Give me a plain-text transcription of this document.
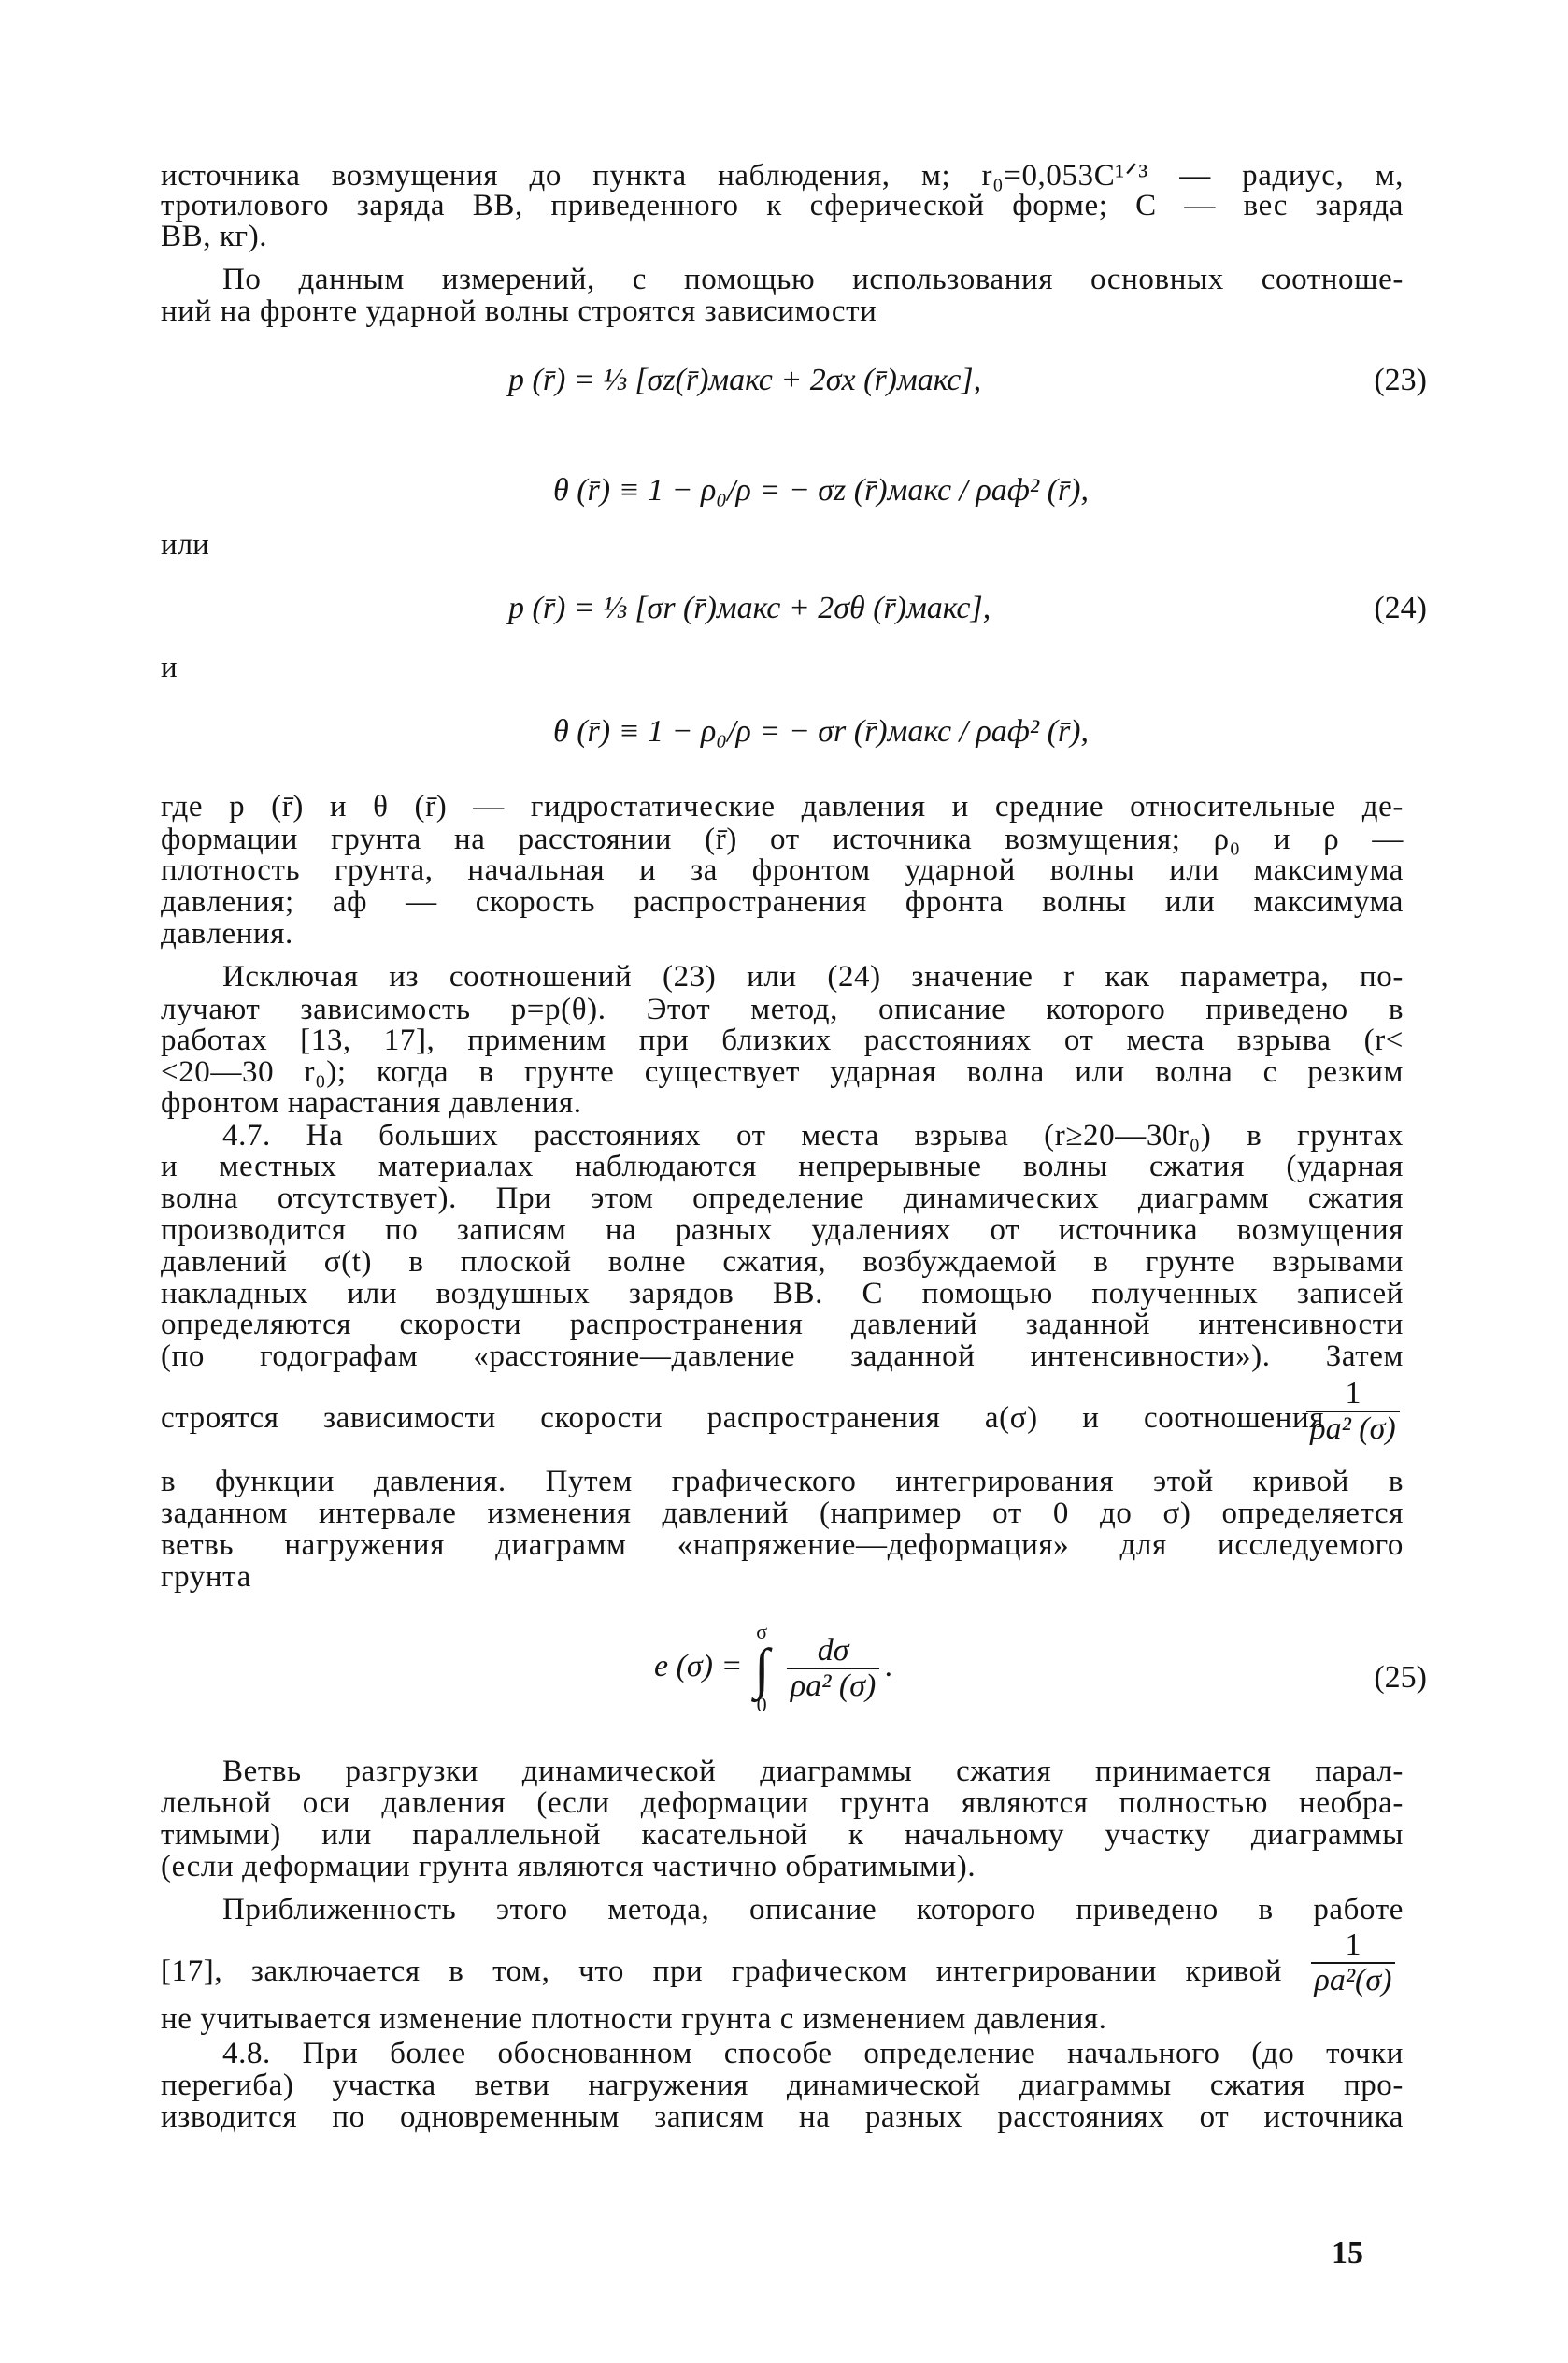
источника возмущения до пункта наблюдения, м; r₀=0,053C¹ᐟ³ — радиус, м,
тротилового заряда ВВ, приведенного к сферической форме; C — вес заряда
ВВ, кг).
По данным измерений, с помощью использования основных соотноше-
ний на фронте ударной волны строятся зависимости
p (r̄) = ⅓ [σz(r̄)макс + 2σx (r̄)макс],	(23)
θ (r̄) ≡ 1 − ρ₀/ρ = − σz (r̄)макс / ρaф² (r̄),
или
p (r̄) = ⅓ [σr (r̄)макс + 2σθ (r̄)макс],	(24)
и
θ (r̄) ≡ 1 − ρ₀/ρ = − σr (r̄)макс / ρaф² (r̄),
где p (r̄) и θ (r̄) — гидростатические давления и средние относительные де-
формации грунта на расстоянии (r̄) от источника возмущения; ρ₀ и ρ —
плотность грунта, начальная и за фронтом ударной волны или максимума
давления; aф — скорость распространения фронта волны или максимума
давления.
Исключая из соотношений (23) или (24) значение r как параметра, по-
лучают зависимость p=p(θ). Этот метод, описание которого приведено в
работах [13, 17], применим при близких расстояниях от места взрыва (r<
<20—30 r₀); когда в грунте существует ударная волна или волна с резким
фронтом нарастания давления.
4.7. На больших расстояниях от места взрыва (r≥20—30r₀) в грунтах
и местных материалах наблюдаются непрерывные волны сжатия (ударная
волна отсутствует). При этом определение динамических диаграмм сжатия
производится по записям на разных удалениях от источника возмущения
давлений σ(t) в плоской волне сжатия, возбуждаемой в грунте взрывами
накладных или воздушных зарядов ВВ. С помощью полученных записей
определяются скорости распространения давлений заданной интенсивности
(по годографам «расстояние—давление заданной интенсивности»). Затем
строятся зависимости скорости распространения a(σ) и соотношения
$\frac{1}{\text{ρa² (σ)}}$
в функции давления. Путем графического интегрирования этой кривой в
заданном интервале изменения давлений (например от 0 до σ) определяется
ветвь нагружения диаграмм «напряжение—деформация» для исследуемого
грунта
e (σ) =
σ
∫
0

$\frac{d\sigma}{\text{ρa² (σ)}}$ .	(25)
Ветвь разгрузки динамической диаграммы сжатия принимается парал-
лельной оси давления (если деформации грунта являются полностью необра-
тимыми) или параллельной касательной к начальному участку диаграммы
(если деформации грунта являются частично обратимыми).
Приближенность этого метода, описание которого приведено в работе
[17], заключается в том, что при графическом интегрировании кривой $\frac{1}{\text{ρa²(σ)}}$
не учитывается изменение плотности грунта с изменением давления.
4.8. При более обоснованном способе определение начального (до точки
перегиба) участка ветви нагружения динамической диаграммы сжатия про-
изводится по одновременным записям на разных расстояниях от источника
15
